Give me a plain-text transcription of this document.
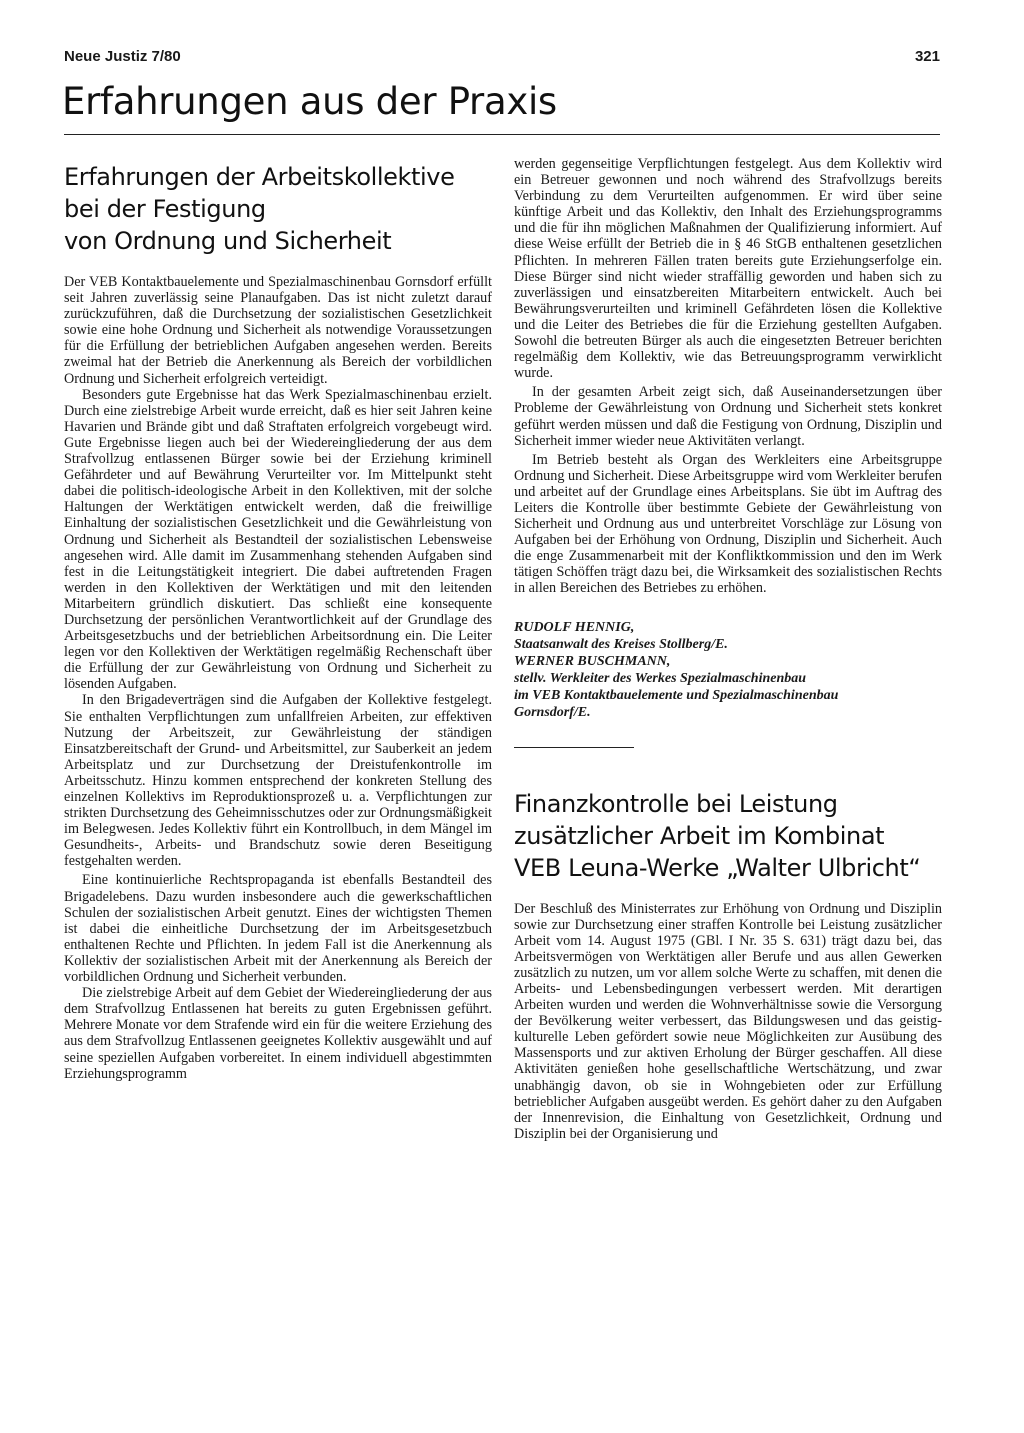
Neue Justiz 7/80	321
Erfahrungen aus der Praxis
Erfahrungen der Arbeitskollektive
bei der Festigung
von Ordnung und Sicherheit

Der VEB Kontaktbauelemente und Spezialmaschinenbau Gornsdorf erfüllt seit Jahren zuverlässig seine Planaufgaben. Das ist nicht zuletzt darauf zurückzuführen, daß die Durchsetzung der sozialistischen Gesetzlichkeit sowie eine hohe Ordnung und Sicherheit als notwendige Voraussetzungen für die Erfüllung der betrieblichen Aufgaben angesehen werden. Bereits zweimal hat der Betrieb die Anerkennung als Bereich der vorbildlichen Ordnung und Sicherheit erfolgreich verteidigt.

Besonders gute Ergebnisse hat das Werk Spezialmaschinenbau erzielt. Durch eine zielstrebige Arbeit wurde erreicht, daß es hier seit Jahren keine Havarien und Brände gibt und daß Straftaten erfolgreich vorgebeugt wird. Gute Ergebnisse liegen auch bei der Wiedereingliederung der aus dem Strafvollzug entlassenen Bürger sowie bei der Erziehung kriminell Gefährdeter und auf Bewährung Verurteilter vor. Im Mittelpunkt steht dabei die politisch-ideologische Arbeit in den Kollektiven, mit der solche Haltungen der Werktätigen entwickelt werden, daß die freiwillige Einhaltung der sozialistischen Gesetzlichkeit und die Gewährleistung von Ordnung und Sicherheit als Bestandteil der sozialistischen Lebensweise angesehen wird. Alle damit im Zusammenhang stehenden Aufgaben sind fest in die Leitungstätigkeit integriert. Die dabei auftretenden Fragen werden in den Kollektiven der Werktätigen und mit den leitenden Mitarbeitern gründlich diskutiert. Das schließt eine konsequente Durchsetzung der persönlichen Verantwortlichkeit auf der Grundlage des Arbeitsgesetzbuchs und der betrieblichen Arbeitsordnung ein. Die Leiter legen vor den Kollektiven der Werktätigen regelmäßig Rechenschaft über die Erfüllung der zur Gewährleistung von Ordnung und Sicherheit zu lösenden Aufgaben.

In den Brigadeverträgen sind die Aufgaben der Kollektive festgelegt. Sie enthalten Verpflichtungen zum unfallfreien Arbeiten, zur effektiven Nutzung der Arbeitszeit, zur Gewährleistung der ständigen Einsatzbereitschaft der Grund- und Arbeitsmittel, zur Sauberkeit an jedem Arbeitsplatz und zur Durchsetzung der Dreistufenkontrolle im Arbeitsschutz. Hinzu kommen entsprechend der konkreten Stellung des einzelnen Kollektivs im Reproduktionsprozeß u. a. Verpflichtungen zur strikten Durchsetzung des Geheimnisschutzes oder zur Ordnungsmäßigkeit im Belegwesen. Jedes Kollektiv führt ein Kontrollbuch, in dem Mängel im Gesundheits-, Arbeits- und Brandschutz sowie deren Beseitigung festgehalten werden.

Eine kontinuierliche Rechtspropaganda ist ebenfalls Bestandteil des Brigadelebens. Dazu wurden insbesondere auch die gewerkschaftlichen Schulen der sozialistischen Arbeit genutzt. Eines der wichtigsten Themen ist dabei die einheitliche Durchsetzung der im Arbeitsgesetzbuch enthaltenen Rechte und Pflichten. In jedem Fall ist die Anerkennung als Kollektiv der sozialistischen Arbeit mit der Anerkennung als Bereich der vorbildlichen Ordnung und Sicherheit verbunden.

Die zielstrebige Arbeit auf dem Gebiet der Wiedereingliederung der aus dem Strafvollzug Entlassenen hat bereits zu guten Ergebnissen geführt. Mehrere Monate vor dem Strafende wird ein für die weitere Erziehung des aus dem Strafvollzug Entlassenen geeignetes Kollektiv ausgewählt und auf seine speziellen Aufgaben vorbereitet. In einem individuell abgestimmten Erziehungsprogramm

werden gegenseitige Verpflichtungen festgelegt. Aus dem Kollektiv wird ein Betreuer gewonnen und noch während des Strafvollzugs bereits Verbindung zu dem Verurteilten aufgenommen. Er wird über seine künftige Arbeit und das Kollektiv, den Inhalt des Erziehungsprogramms und die für ihn möglichen Maßnahmen der Qualifizierung informiert. Auf diese Weise erfüllt der Betrieb die in § 46 StGB enthaltenen gesetzlichen Pflichten. In mehreren Fällen traten bereits gute Erziehungserfolge ein. Diese Bürger sind nicht wieder straffällig geworden und haben sich zu zuverlässigen und einsatzbereiten Mitarbeitern entwickelt. Auch bei Bewährungsverurteilten und kriminell Gefährdeten lösen die Kollektive und die Leiter des Betriebes die für die Erziehung gestellten Aufgaben. Sowohl die betreuten Bürger als auch die eingesetzten Betreuer berichten regelmäßig dem Kollektiv, wie das Betreuungsprogramm verwirklicht wurde.

In der gesamten Arbeit zeigt sich, daß Auseinandersetzungen über Probleme der Gewährleistung von Ordnung und Sicherheit stets konkret geführt werden müssen und daß die Festigung von Ordnung, Disziplin und Sicherheit immer wieder neue Aktivitäten verlangt.

Im Betrieb besteht als Organ des Werkleiters eine Arbeitsgruppe Ordnung und Sicherheit. Diese Arbeitsgruppe wird vom Werkleiter berufen und arbeitet auf der Grundlage eines Arbeitsplans. Sie übt im Auftrag des Leiters die Kontrolle über bestimmte Gebiete der Gewährleistung von Sicherheit und Ordnung aus und unterbreitet Vorschläge zur Lösung von Aufgaben bei der Erhöhung von Ordnung, Disziplin und Sicherheit. Auch die enge Zusammenarbeit mit der Konfliktkommission und den im Werk tätigen Schöffen trägt dazu bei, die Wirksamkeit des sozialistischen Rechts in allen Bereichen des Betriebes zu erhöhen.

RUDOLF HENNIG,
Staatsanwalt des Kreises Stollberg/E.
WERNER BUSCHMANN,
stellv. Werkleiter des Werkes Spezialmaschinenbau
im VEB Kontaktbauelemente und Spezialmaschinenbau
Gornsdorf/E.
Finanzkontrolle bei Leistung
zusätzlicher Arbeit im Kombinat
VEB Leuna-Werke „Walter Ulbricht“

Der Beschluß des Ministerrates zur Erhöhung von Ordnung und Disziplin sowie zur Durchsetzung einer straffen Kontrolle bei Leistung zusätzlicher Arbeit vom 14. August 1975 (GBl. I Nr. 35 S. 631) trägt dazu bei, das Arbeitsvermögen von Werktätigen aller Berufe und aus allen Gewerken zusätzlich zu nutzen, um vor allem solche Werte zu schaffen, mit denen die Arbeits- und Lebensbedingungen verbessert werden. Mit derartigen Arbeiten wurden und werden die Wohnverhältnisse sowie die Versorgung der Bevölkerung weiter verbessert, das Bildungswesen und das geistig-kulturelle Leben gefördert sowie neue Möglichkeiten zur Ausübung des Massensports und zur aktiven Erholung der Bürger geschaffen. All diese Aktivitäten genießen hohe gesellschaftliche Wertschätzung, und zwar unabhängig davon, ob sie in Wohngebieten oder zur Erfüllung betrieblicher Aufgaben ausgeübt werden. Es gehört daher zu den Aufgaben der Innenrevision, die Einhaltung von Gesetzlichkeit, Ordnung und Disziplin bei der Organisierung und
